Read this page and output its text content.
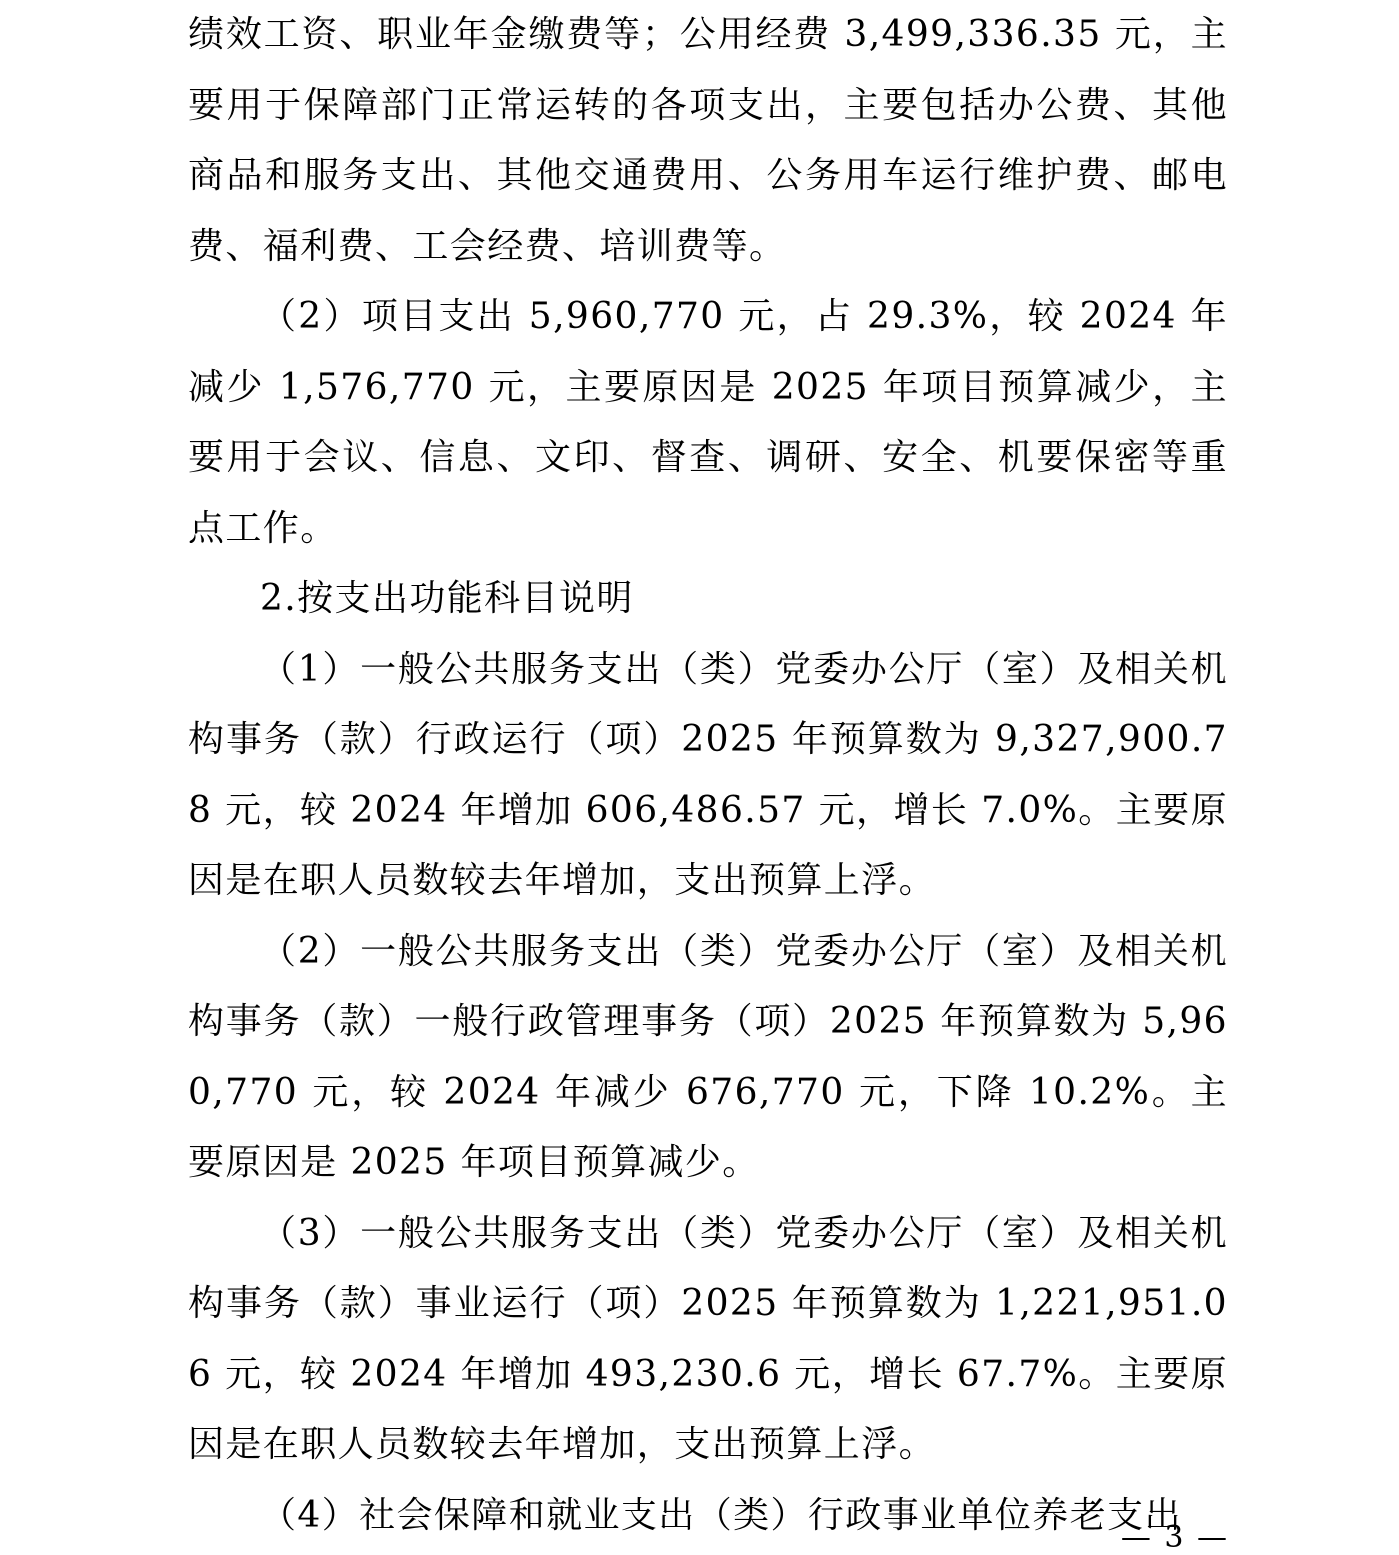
绩效工资、职业年金缴费等；公用经费 3,499,336.35 元，主要用于保障部门正常运转的各项支出，主要包括办公费、其他商品和服务支出、其他交通费用、公务用车运行维护费、邮电费、福利费、工会经费、培训费等。

（2）项目支出 5,960,770 元，占 29.3%，较 2024 年减少 1,576,770 元，主要原因是 2025 年项目预算减少，主要用于会议、信息、文印、督查、调研、安全、机要保密等重点工作。

2.按支出功能科目说明

（1）一般公共服务支出（类）党委办公厅（室）及相关机构事务（款）行政运行（项）2025 年预算数为 9,327,900.78 元，较 2024 年增加 606,486.57 元，增长 7.0%。主要原因是在职人员数较去年增加，支出预算上浮。

（2）一般公共服务支出（类）党委办公厅（室）及相关机构事务（款）一般行政管理事务（项）2025 年预算数为 5,960,770 元，较 2024 年减少 676,770 元，下降 10.2%。主要原因是 2025 年项目预算减少。

（3）一般公共服务支出（类）党委办公厅（室）及相关机构事务（款）事业运行（项）2025 年预算数为 1,221,951.06 元，较 2024 年增加 493,230.6 元，增长 67.7%。主要原因是在职人员数较去年增加，支出预算上浮。

（4）社会保障和就业支出（类）行政事业单位养老支出

— 3 —
